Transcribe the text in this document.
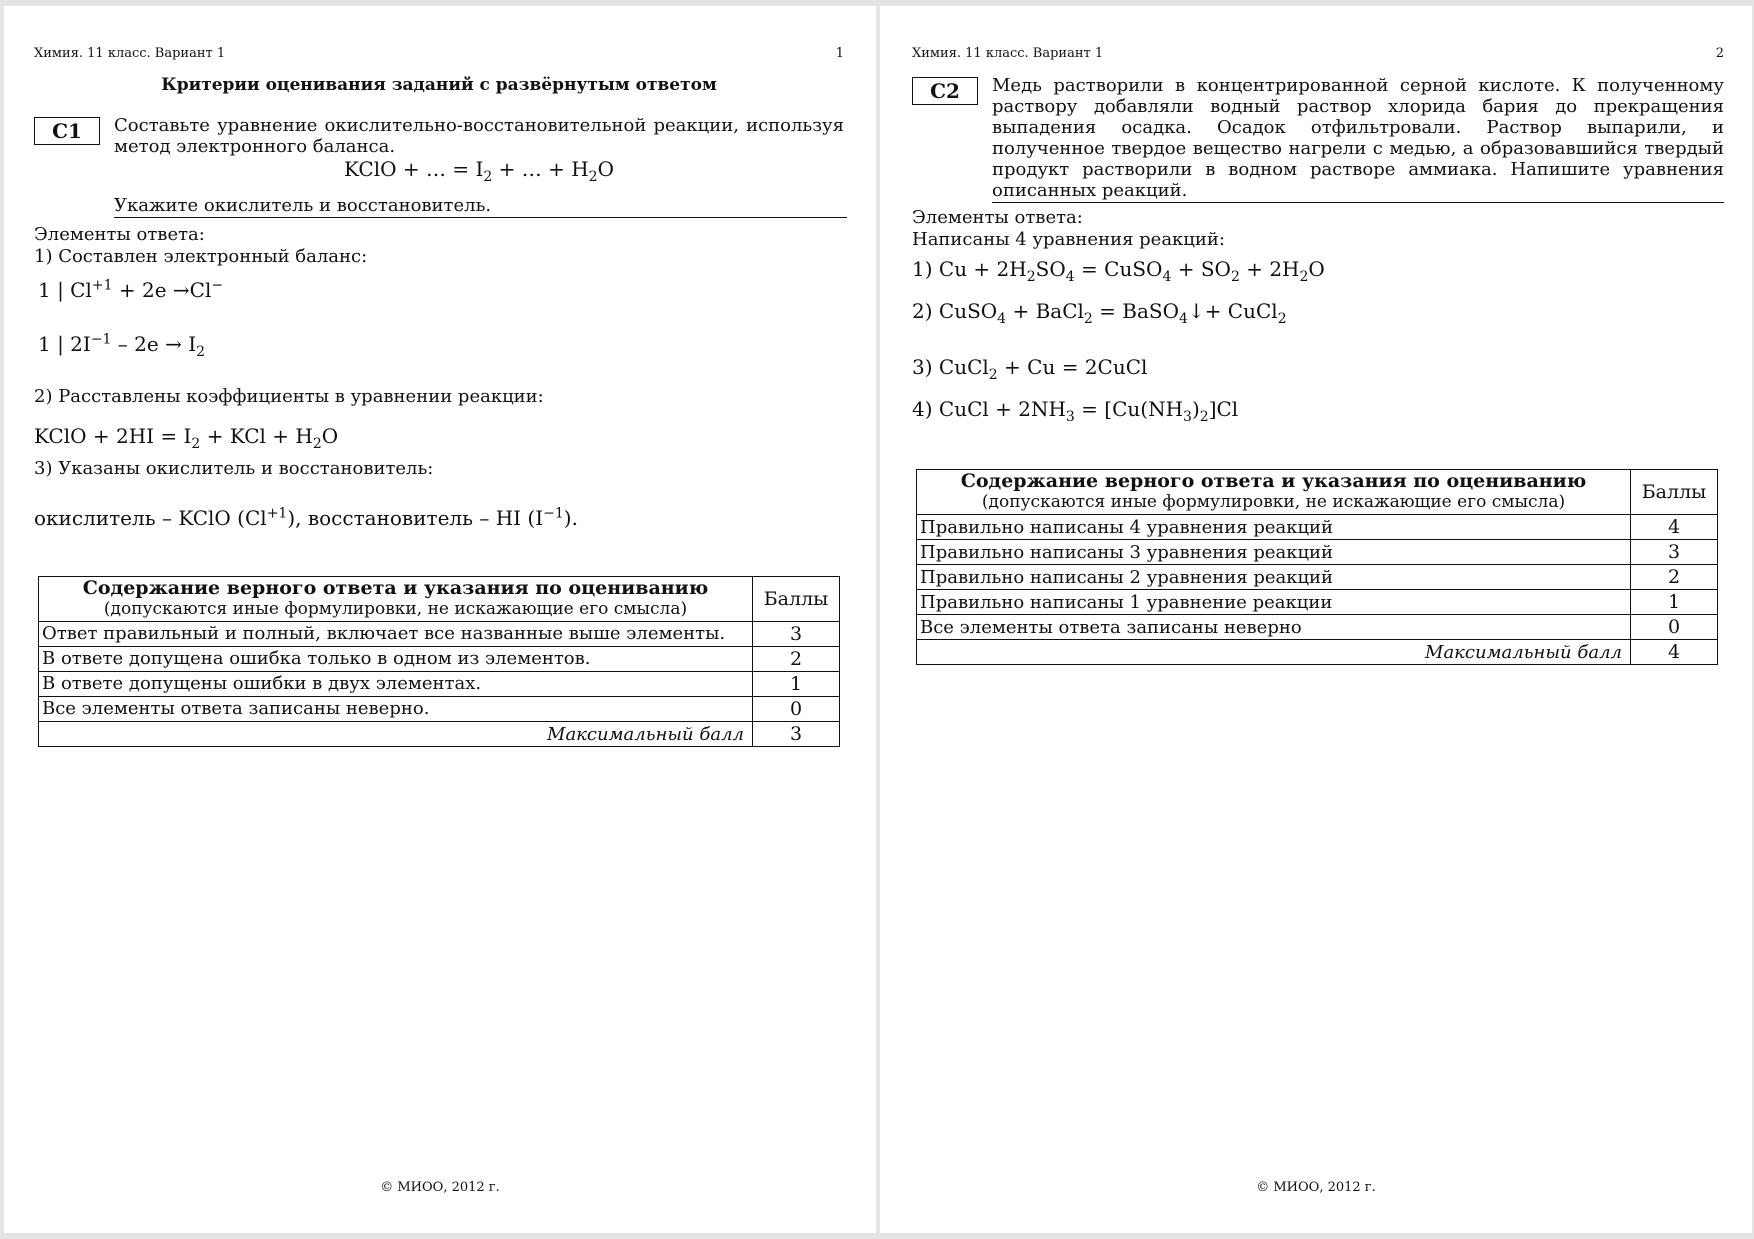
Химия. 11 класс. Вариант 1	1
Критерии оценивания заданий с развёрнутым ответом
С1	Составьте уравнение окислительно-восстановительной реакции, используя метод электронного баланса.
KClO + … = $I_2$ + … + $H_2O$
Укажите окислитель и восстановитель.
Элементы ответа:
1) Составлен электронный баланс:
1 | $Cl^{+1} + 2e \to Cl^-$
1 | $2I^{-1} - 2e \to I_2$
2) Расставлены коэффициенты в уравнении реакции:
KClO + $2HI = I_2$ + KCl + $H_2O$
3) Указаны окислитель и восстановитель:
окислитель – KClO $(Cl^{+1})$, восстановитель – HI $(I^{-1})$.
Содержание верного ответа и указания по оцениванию
(допускаются иные формулировки, не искажающие его смысла)	Баллы
Ответ правильный и полный, включает все названные выше элементы.	3
В ответе допущена ошибка только в одном из элементов.	2
В ответе допущены ошибки в двух элементах.	1
Все элементы ответа записаны неверно.	0
Максимальный балл	3
© МИОО, 2012 г.
Химия. 11 класс. Вариант 1	2
С2	Медь растворили в концентрированной серной кислоте. К полученному раствору добавляли водный раствор хлорида бария до прекращения выпадения осадка. Осадок отфильтровали. Раствор выпарили, и полученное твердое вещество нагрели с медью, а образовавшийся твердый продукт растворили в водном растворе аммиака. Напишите уравнения описанных реакций.
Элементы ответа:
Написаны 4 уравнения реакций:
1) $Cu + 2H_2SO_4$ = CuSO$_4$ + $SO_2 + 2H_2O$
2) CuSO$_4$ + BaCl$_2$ = BaSO$_4$↓+ CuCl$_2$
3) CuCl$_2$ + Cu = 2CuCl
4) CuCl + $2NH_3 = [Cu(NH_3)_2]Cl$
Содержание верного ответа и указания по оцениванию
(допускаются иные формулировки, не искажающие его смысла)	Баллы
Правильно написаны 4 уравнения реакций	4
Правильно написаны 3 уравнения реакций	3
Правильно написаны 2 уравнения реакций	2
Правильно написаны 1 уравнение реакции	1
Все элементы ответа записаны неверно	0
Максимальный балл	4
© МИОО, 2012 г.
